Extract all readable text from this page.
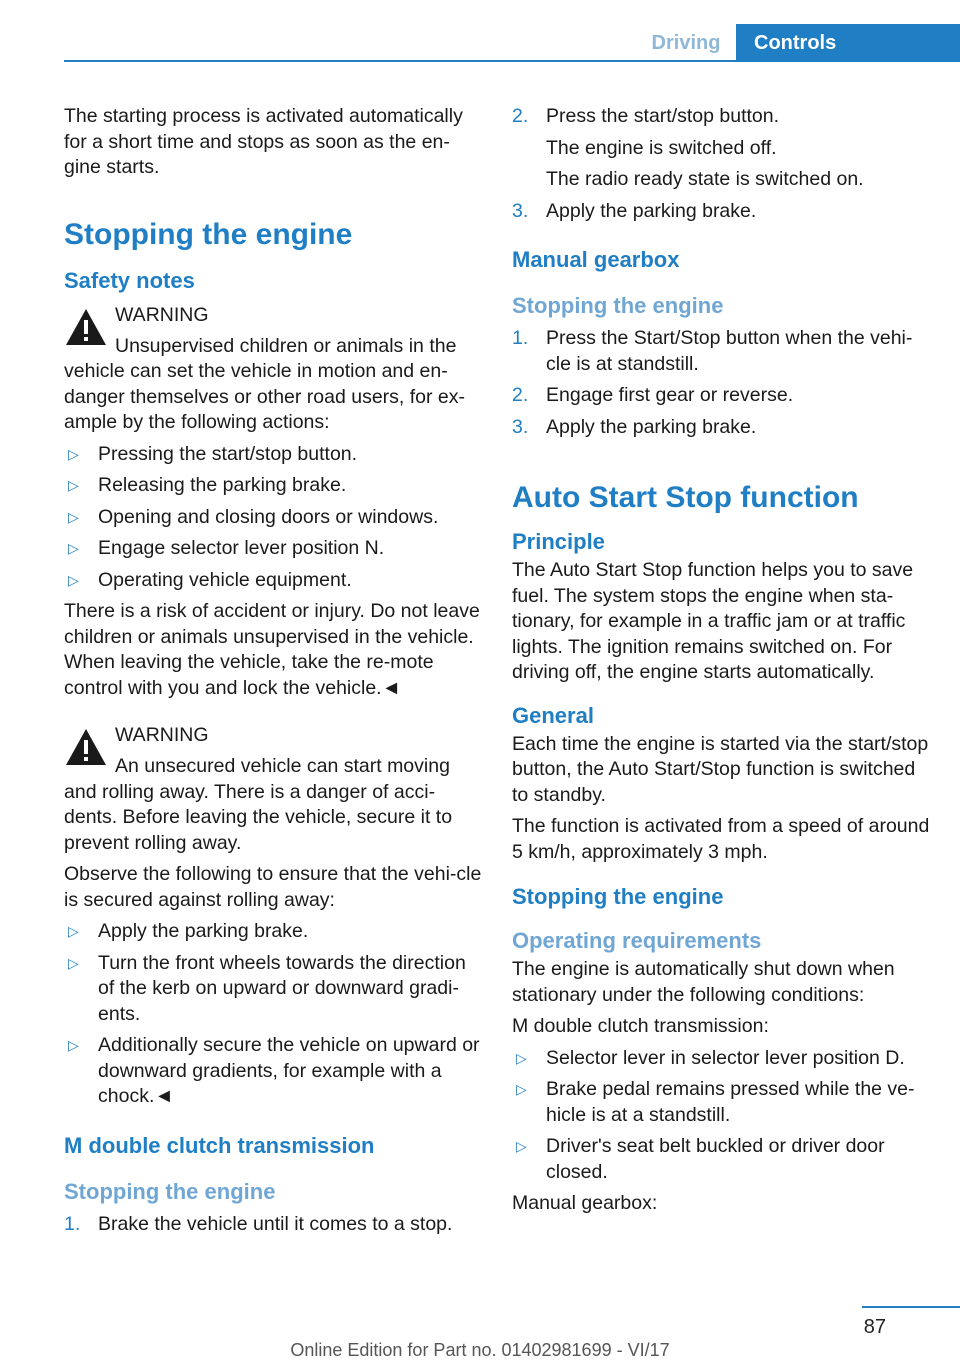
Driving	Controls

The starting process is activated automatically for a short time and stops as soon as the en‐gine starts.

Stopping the engine
Safety notes
WARNING

Unsupervised children or animals in the vehicle can set the vehicle in motion and en‐danger themselves or other road users, for ex‐ample by the following actions:

▷ Pressing the start/stop button.
▷ Releasing the parking brake.
▷ Opening and closing doors or windows.
▷ Engage selector lever position N.
▷ Operating vehicle equipment.

There is a risk of accident or injury. Do not leave children or animals unsupervised in the vehicle. When leaving the vehicle, take the re‐mote control with you and lock the vehicle.◄

WARNING

An unsecured vehicle can start moving and rolling away. There is a danger of acci‐dents. Before leaving the vehicle, secure it to prevent rolling away.

Observe the following to ensure that the vehi‐cle is secured against rolling away:

▷ Apply the parking brake.
▷ Turn the front wheels towards the direction of the kerb on upward or downward gradi‐ents.
▷ Additionally secure the vehicle on upward or downward gradients, for example with a chock.◄
M double clutch transmission
Stopping the engine
1. Brake the vehicle until it comes to a stop.
2. Press the start/stop button.

The engine is switched off.

The radio ready state is switched on.

3. Apply the parking brake.
Manual gearbox
Stopping the engine
1. Press the Start/Stop button when the vehi‐cle is at standstill.
2. Engage first gear or reverse.
3. Apply the parking brake.
Auto Start Stop function
Principle

The Auto Start Stop function helps you to save fuel. The system stops the engine when sta‐tionary, for example in a traffic jam or at traffic lights. The ignition remains switched on. For driving off, the engine starts automatically.

General

Each time the engine is started via the start/stop button, the Auto Start/Stop function is switched to standby.

The function is activated from a speed of around 5 km/h, approximately 3 mph.

Stopping the engine
Operating requirements

The engine is automatically shut down when stationary under the following conditions:

M double clutch transmission:

▷ Selector lever in selector lever position D.
▷ Brake pedal remains pressed while the ve‐hicle is at a standstill.
▷ Driver's seat belt buckled or driver door closed.

Manual gearbox:

87
Online Edition for Part no. 01402981699 - VI/17
